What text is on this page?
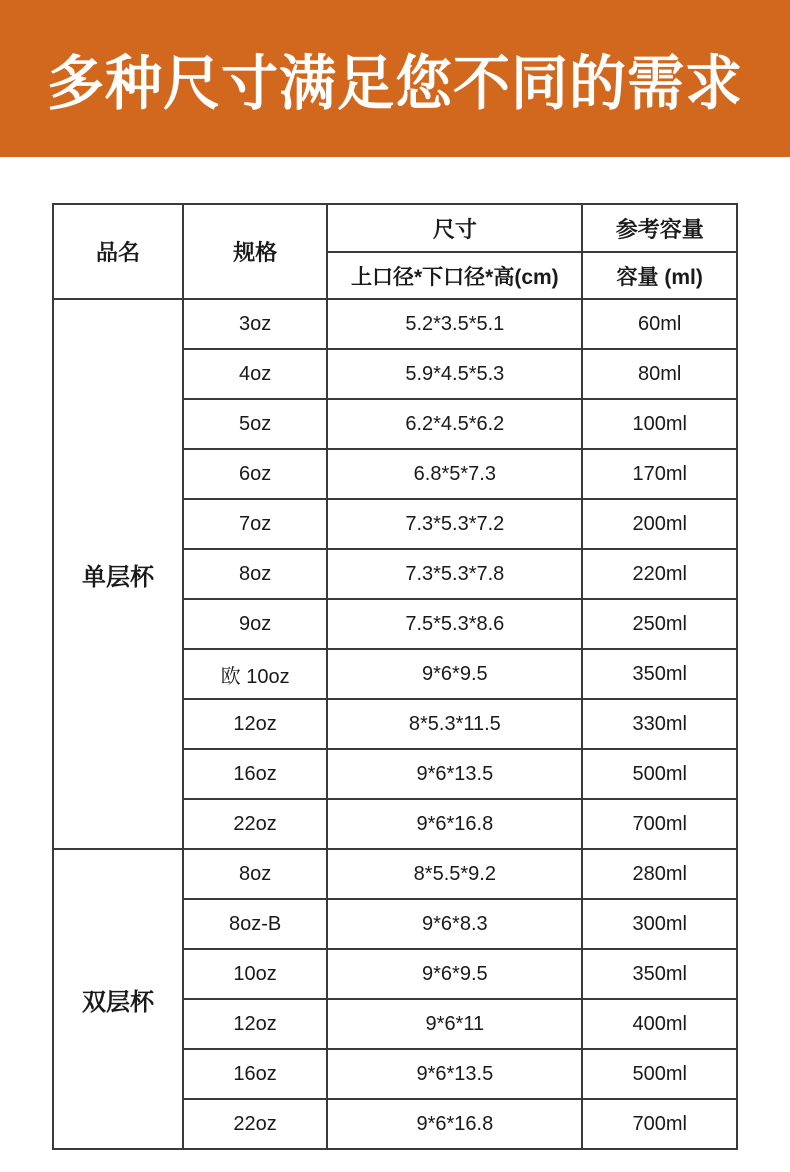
多种尺寸满足您不同的需求
品名	规格	尺寸	参考容量
		上口径*下口径*高(cm)	容量 (ml)
单层杯	3oz	5.2*3.5*5.1	60ml
	4oz	5.9*4.5*5.3	80ml
	5oz	6.2*4.5*6.2	100ml
	6oz	6.8*5*7.3	170ml
	7oz	7.3*5.3*7.2	200ml
	8oz	7.3*5.3*7.8	220ml
	9oz	7.5*5.3*8.6	250ml
	欧 10oz	9*6*9.5	350ml
	12oz	8*5.3*11.5	330ml
	16oz	9*6*13.5	500ml
	22oz	9*6*16.8	700ml
双层杯	8oz	8*5.5*9.2	280ml
	8oz-B	9*6*8.3	300ml
	10oz	9*6*9.5	350ml
	12oz	9*6*11	400ml
	16oz	9*6*13.5	500ml
	22oz	9*6*16.8	700ml
